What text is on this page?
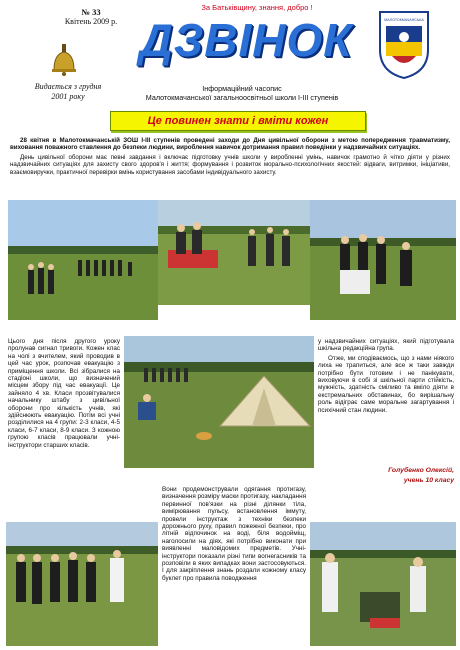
№ 33
Квітень 2009 р.
За Батьківщину, знання, добро !
ДЗВІНОК	МАЛОТОКМАЧАНСЬКА
Видається з грудня
2001 року
Інформаційний часопис
Малотокмачанської загальноосвітньої школи І-ІІІ ступенів
Це повинен знати і вміти кожен

28 квітня в Малотокмачанській ЗОШ І-ІІІ ступенів проведені заходи до Дня цивільної оборони з метою попередження травматизму, виховання поважного ставлення до безпеки людини, вироблення навичок дотримання правил поведінки у надзвичайних ситуаціях.

День цивільної оборони має певні завдання і включає підготовку учнів школи у виробленні умінь, навичок грамотно й чітко діяти у різних надзвичайних ситуаціях для захисту свого здоров'я і життя; формування і розвиток морально-психологічних якостей: відваги, витримки, ініціативи, взаємовиручки, практичної перевірки вмінь користування засобами індивідуального захисту.

Цього дня після другого уроку пролунав сигнал тривоги. Кожен клас на чолі з вчителем, який проводив в цей час урок, розпочав евакуацію з приміщення школи. Всі зібралися на стадіоні школи, що визначений місцем збору під час евакуації. Це зайняло 4 хв. Класи прозвітувалися начальнику штабу з цивільної оборони про кількість учнів, які здійснюють евакуацію. Потім всі учні розділилися на 4 групи: 2-3 класи, 4-5 класи, 6-7 класи, 8-9 класи. З кожною групою класів працювали учні-інструктори старших класів.

у надзвичайних ситуаціях, який підготувала шкільна редакційна група.

Отже, ми сподіваємось, що з нами ніякого лиха не трапиться, але все ж таки завжди потрібно бути готовим і не панікувати, виховуючи в собі зі шкільної парти стійкість, мужність, здатність сміливо та вміло діяти в екстремальних обставинах, бо вирішальну роль відіграє саме моральне загартування і психічний стан людини.

Голубенко Олексій,
учень 10 класу
Вони продемонстрували одягання протигазу, визначення розміру маски протигазу, накладання первинної пов'язки на різні ділянки тіла, вимірювання пульсу, встановлення іммуту, провели інструктаж з техніки безпеки дорожнього руху, правил пожежної безпеки, про літній відпочинок на воді, біля водойміщ, наголосили на діях, які потрібно виконати при виявленні маловідомих предметів. Учні-інструктори показали різні типи вогнегасників та розповіли в яких випадках вони застосовуються. І для закріплення знань роздали кожному класу буклет про правила поводження
